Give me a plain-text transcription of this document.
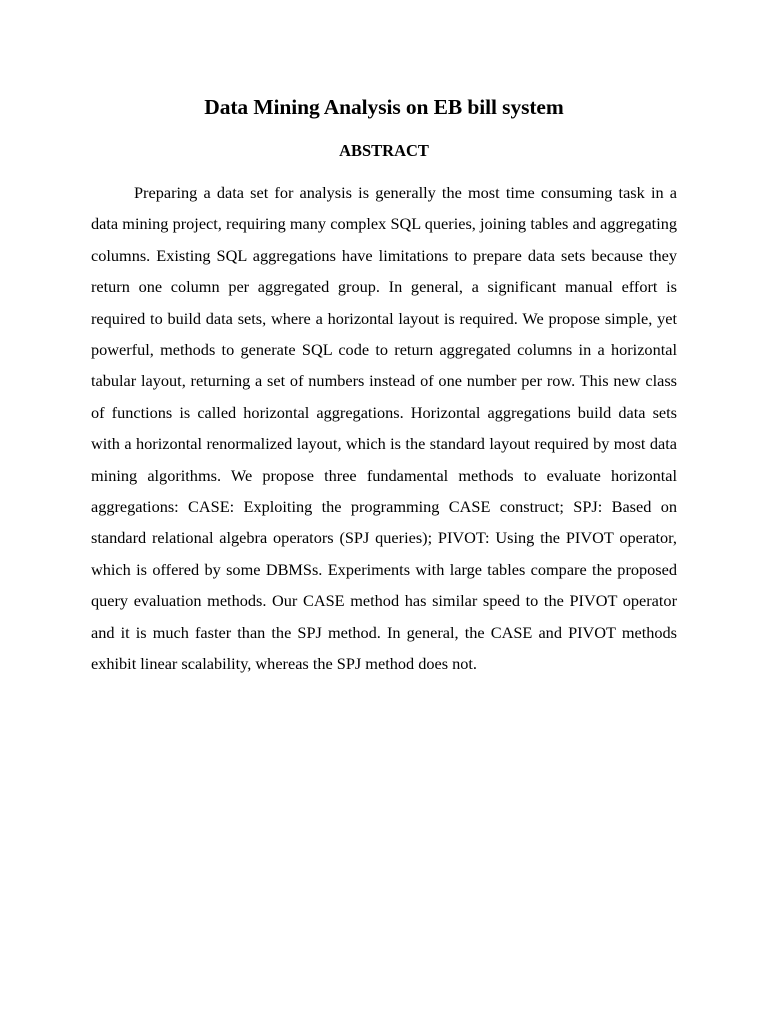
Data Mining Analysis on EB bill system
ABSTRACT

Preparing a data set for analysis is generally the most time consuming task in a data mining project, requiring many complex SQL queries, joining tables and aggregating columns. Existing SQL aggregations have limitations to prepare data sets because they return one column per aggregated group. In general, a significant manual effort is required to build data sets, where a horizontal layout is required. We propose simple, yet powerful, methods to generate SQL code to return aggregated columns in a horizontal tabular layout, returning a set of numbers instead of one number per row. This new class of functions is called horizontal aggregations. Horizontal aggregations build data sets with a horizontal renormalized layout, which is the standard layout required by most data mining algorithms. We propose three fundamental methods to evaluate horizontal aggregations: CASE: Exploiting the programming CASE construct; SPJ: Based on standard relational algebra operators (SPJ queries); PIVOT: Using the PIVOT operator, which is offered by some DBMSs. Experiments with large tables compare the proposed query evaluation methods. Our CASE method has similar speed to the PIVOT operator and it is much faster than the SPJ method. In general, the CASE and PIVOT methods exhibit linear scalability, whereas the SPJ method does not.
